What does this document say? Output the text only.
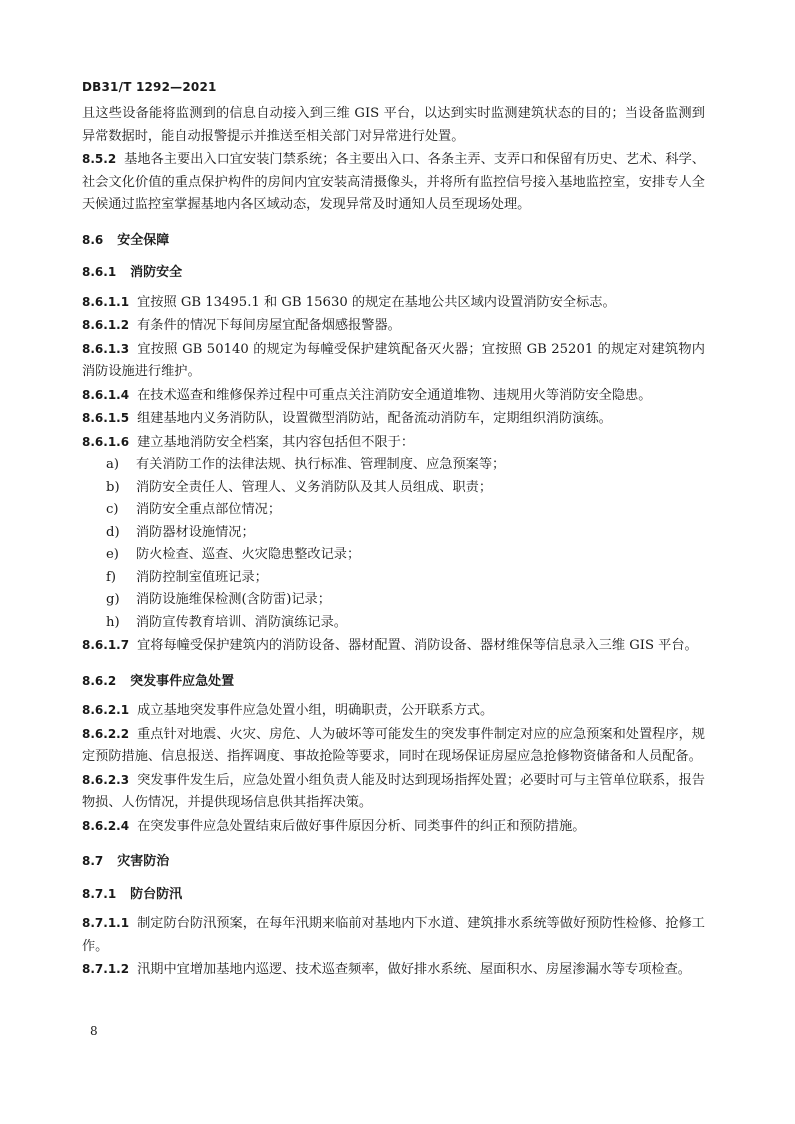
DB31/T 1292—2021

且这些设备能将监测到的信息自动接入到三维 GIS 平台，以达到实时监测建筑状态的目的；当设备监测到异常数据时，能自动报警提示并推送至相关部门对异常进行处置。

8.5.2 基地各主要出入口宜安装门禁系统；各主要出入口、各条主弄、支弄口和保留有历史、艺术、科学、社会文化价值的重点保护构件的房间内宜安装高清摄像头，并将所有监控信号接入基地监控室，安排专人全天候通过监控室掌握基地内各区域动态，发现异常及时通知人员至现场处理。

8.6 安全保障
8.6.1 消防安全

8.6.1.1 宜按照 GB 13495.1 和 GB 15630 的规定在基地公共区域内设置消防安全标志。

8.6.1.2 有条件的情况下每间房屋宜配备烟感报警器。

8.6.1.3 宜按照 GB 50140 的规定为每幢受保护建筑配备灭火器；宜按照 GB 25201 的规定对建筑物内消防设施进行维护。

8.6.1.4 在技术巡查和维修保养过程中可重点关注消防安全通道堆物、违规用火等消防安全隐患。

8.6.1.5 组建基地内义务消防队，设置微型消防站，配备流动消防车，定期组织消防演练。

8.6.1.6 建立基地消防安全档案，其内容包括但不限于：

a)	有关消防工作的法律法规、执行标准、管理制度、应急预案等；
b)	消防安全责任人、管理人、义务消防队及其人员组成、职责；
c)	消防安全重点部位情况；
d)	消防器材设施情况；
e)	防火检查、巡查、火灾隐患整改记录；
f)	消防控制室值班记录；
g)	消防设施维保检测(含防雷)记录；
h)	消防宣传教育培训、消防演练记录。

8.6.1.7 宜将每幢受保护建筑内的消防设备、器材配置、消防设备、器材维保等信息录入三维 GIS 平台。

8.6.2 突发事件应急处置

8.6.2.1 成立基地突发事件应急处置小组，明确职责，公开联系方式。

8.6.2.2 重点针对地震、火灾、房危、人为破坏等可能发生的突发事件制定对应的应急预案和处置程序，规定预防措施、信息报送、指挥调度、事故抢险等要求，同时在现场保证房屋应急抢修物资储备和人员配备。

8.6.2.3 突发事件发生后，应急处置小组负责人能及时达到现场指挥处置；必要时可与主管单位联系，报告物损、人伤情况，并提供现场信息供其指挥决策。

8.6.2.4 在突发事件应急处置结束后做好事件原因分析、同类事件的纠正和预防措施。

8.7 灾害防治
8.7.1 防台防汛

8.7.1.1 制定防台防汛预案，在每年汛期来临前对基地内下水道、建筑排水系统等做好预防性检修、抢修工作。

8.7.1.2 汛期中宜增加基地内巡逻、技术巡查频率，做好排水系统、屋面积水、房屋渗漏水等专项检查。

8
